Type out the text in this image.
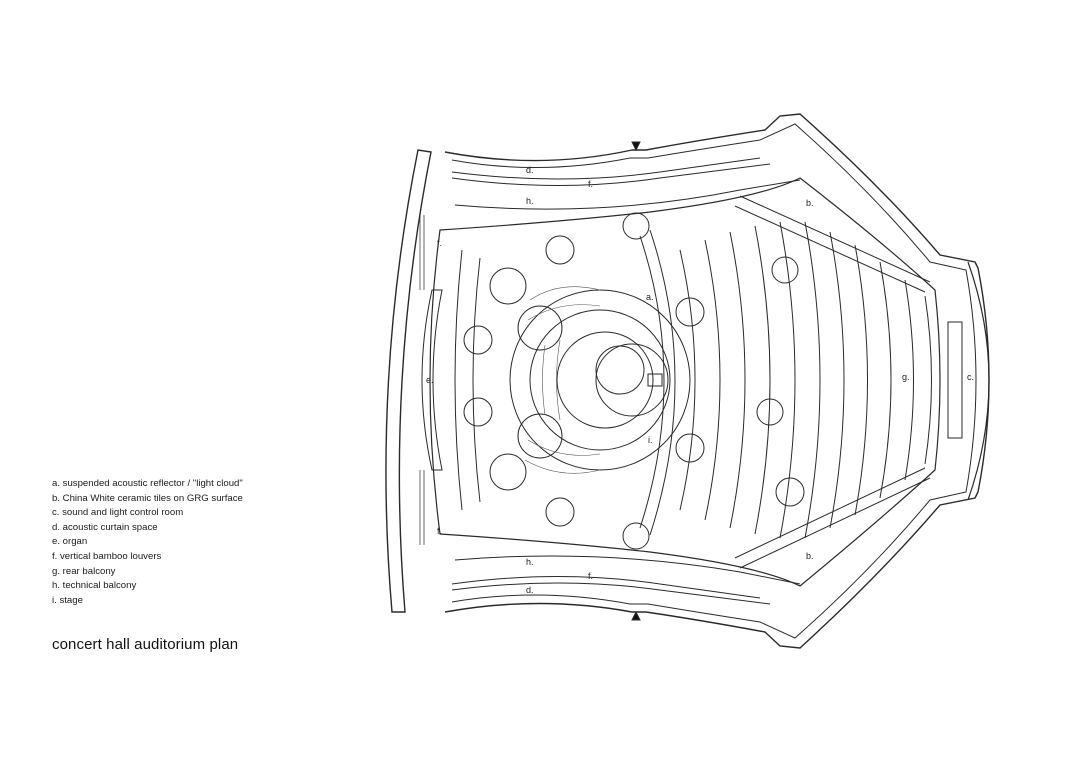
a.
b.
b.
c.
d.
d.
e.
f.
f.
f.
f.
g.
h.
h.
i.
a. suspended acoustic reflector / "light cloud"
b. China White ceramic tiles on GRG surface
c. sound and light control room
d. acoustic curtain space
e. organ
f. vertical bamboo louvers
g. rear balcony
h. technical balcony
i. stage
concert hall auditorium plan
